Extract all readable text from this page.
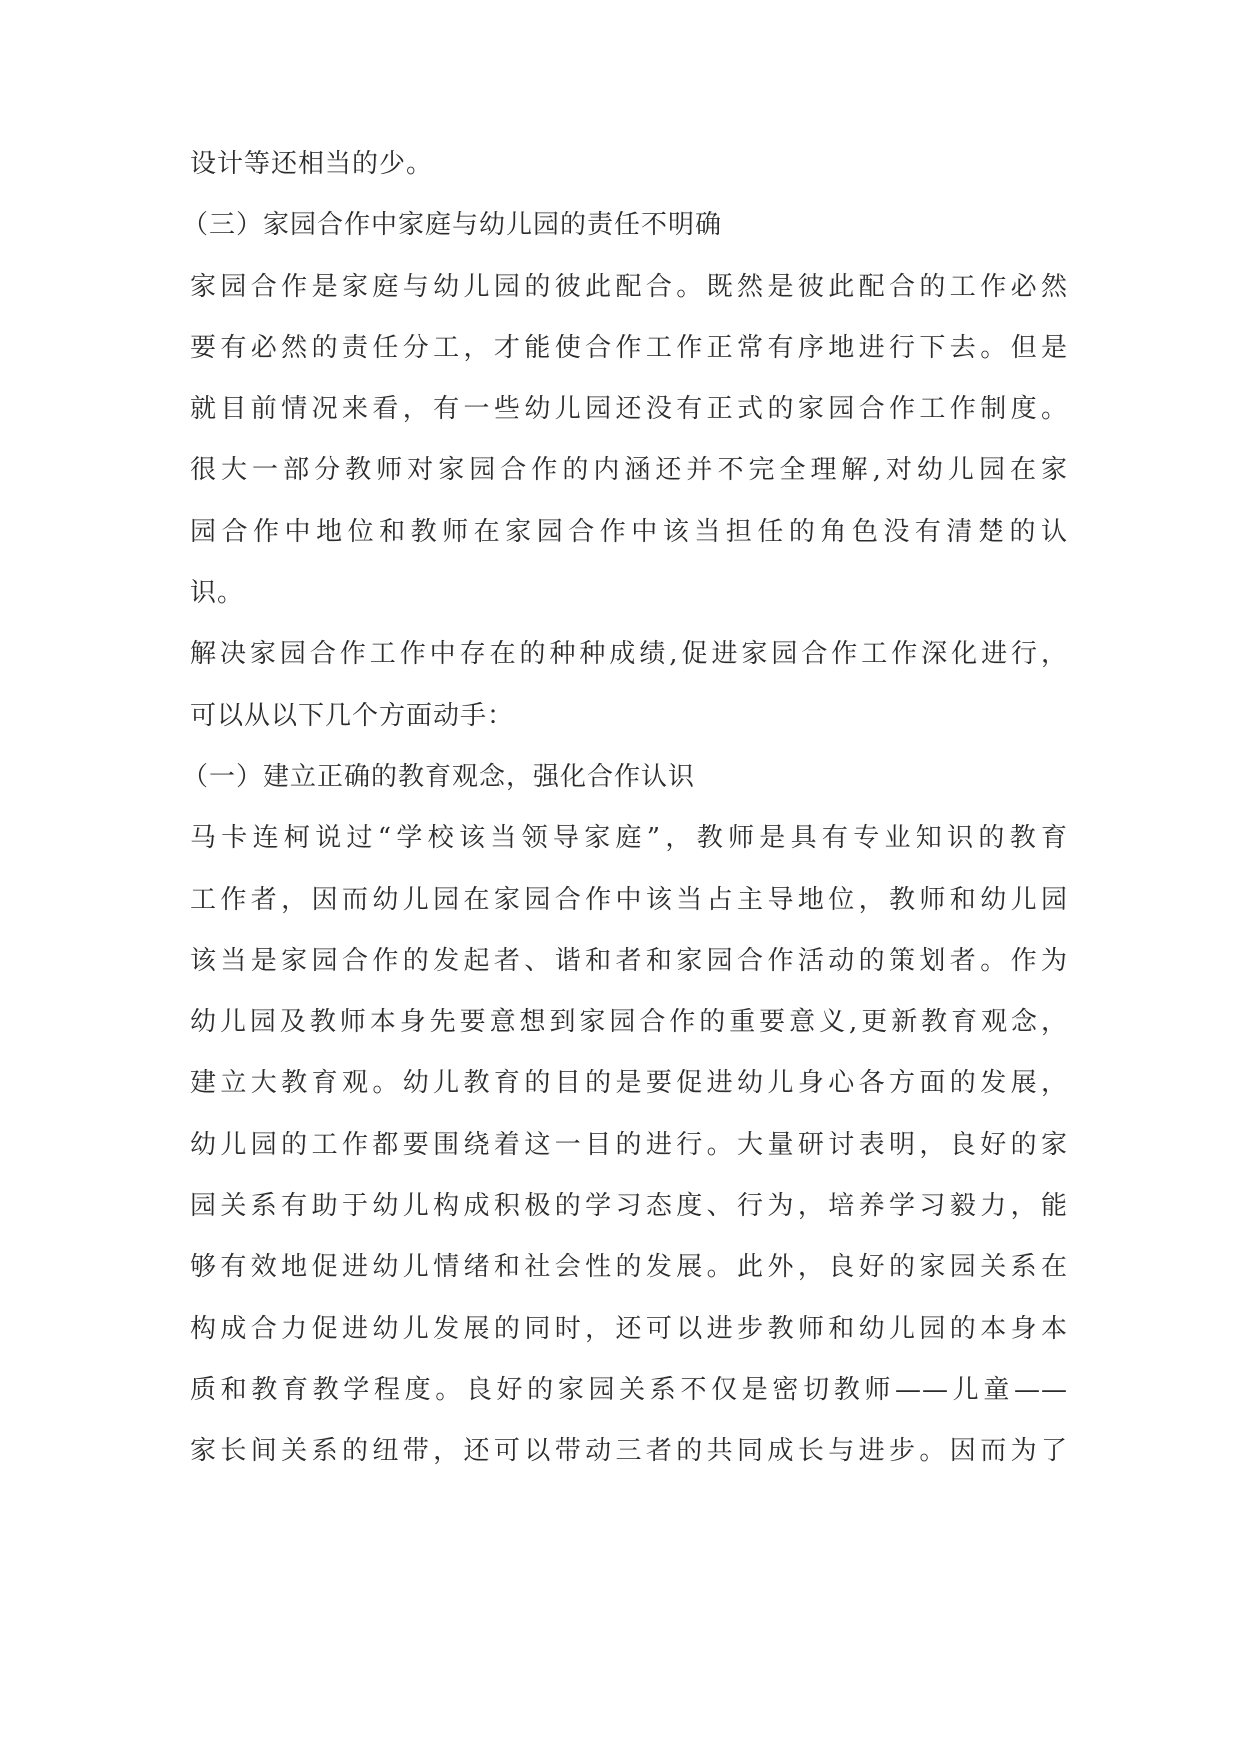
设计等还相当的少。
（三）家园合作中家庭与幼儿园的责任不明确
家园合作是家庭与幼儿园的彼此配合。既然是彼此配合的工作必然
要有必然的责任分工，才能使合作工作正常有序地进行下去。但是
就目前情况来看，有一些幼儿园还没有正式的家园合作工作制度。
很大一部分教师对家园合作的内涵还并不完全理解,对幼儿园在家
园合作中地位和教师在家园合作中该当担任的角色没有清楚的认
识。
解决家园合作工作中存在的种种成绩,促进家园合作工作深化进行，
可以从以下几个方面动手：
（一）建立正确的教育观念，强化合作认识
马卡连柯说过“学校该当领导家庭”，教师是具有专业知识的教育
工作者，因而幼儿园在家园合作中该当占主导地位，教师和幼儿园
该当是家园合作的发起者、谐和者和家园合作活动的策划者。作为
幼儿园及教师本身先要意想到家园合作的重要意义,更新教育观念，
建立大教育观。幼儿教育的目的是要促进幼儿身心各方面的发展，
幼儿园的工作都要围绕着这一目的进行。大量研讨表明，良好的家
园关系有助于幼儿构成积极的学习态度、行为，培养学习毅力，能
够有效地促进幼儿情绪和社会性的发展。此外，良好的家园关系在
构成合力促进幼儿发展的同时，还可以进步教师和幼儿园的本身本
质和教育教学程度。良好的家园关系不仅是密切教师——儿童——
家长间关系的纽带，还可以带动三者的共同成长与进步。因而为了
